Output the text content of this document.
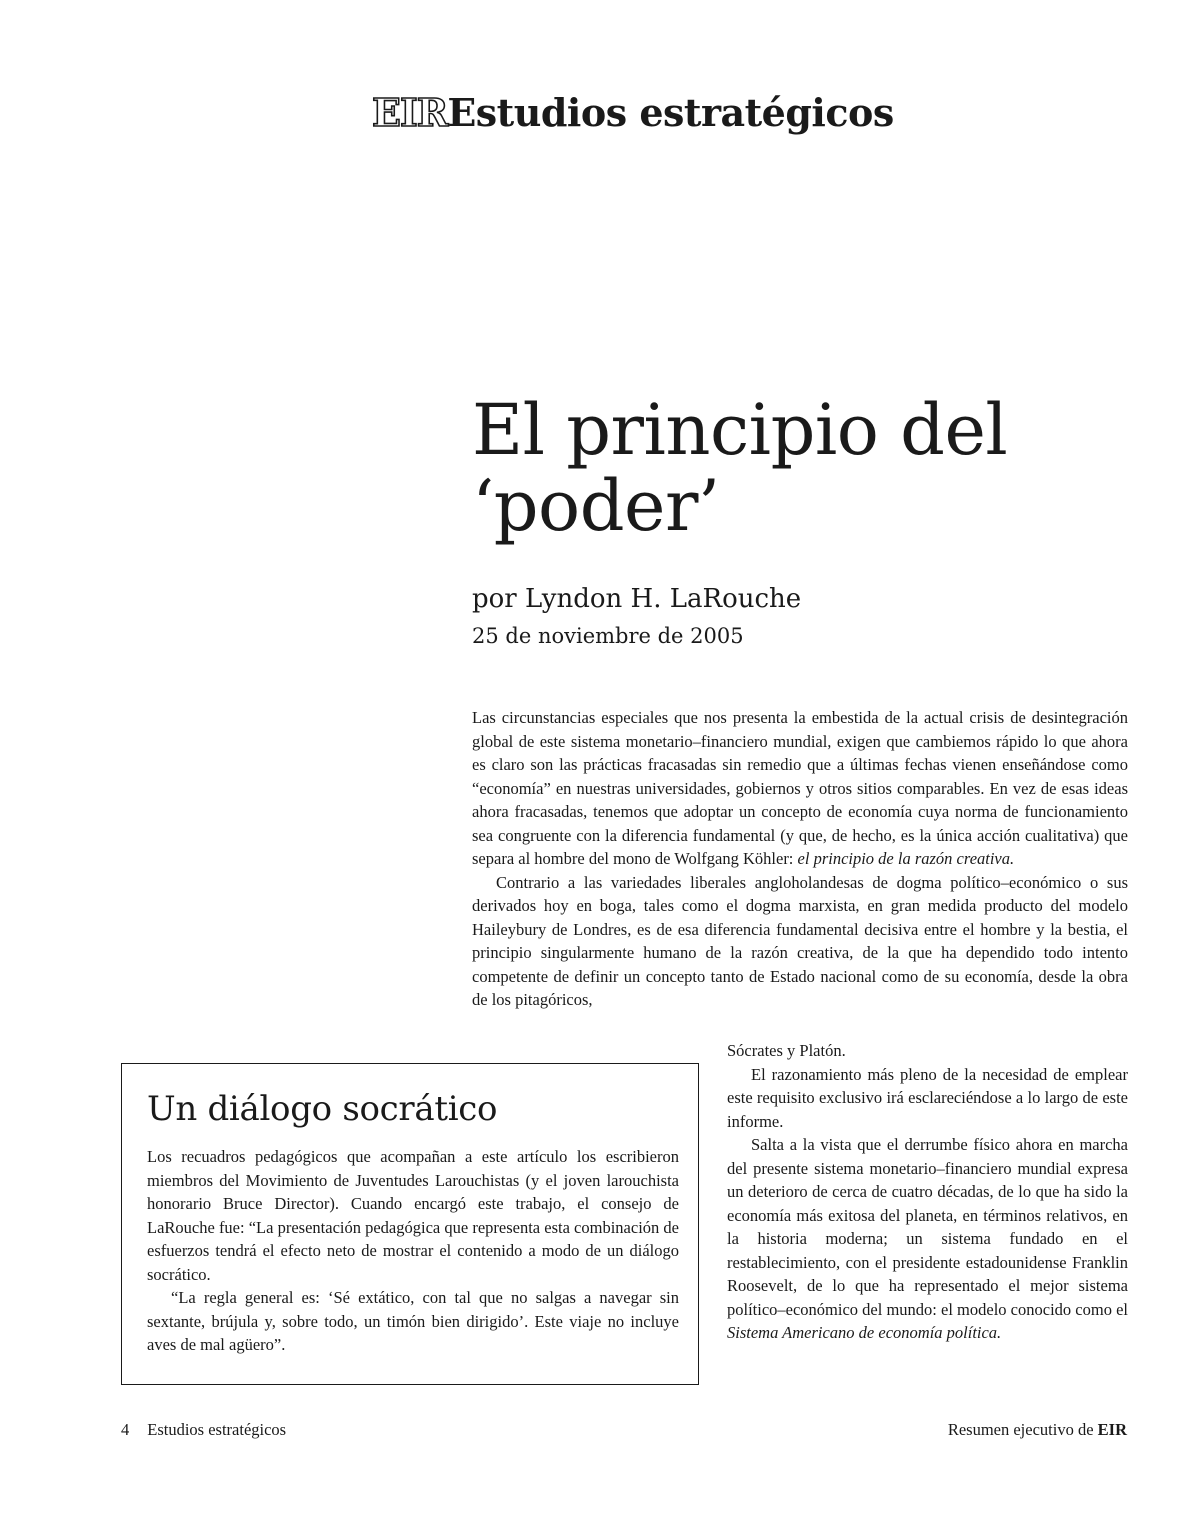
EIREstudios estratégicos
El principio del
‘poder’
por Lyndon H. LaRouche
25 de noviembre de 2005

Las circunstancias especiales que nos presenta la embestida de la actual crisis de desintegración global de este sistema monetario–financiero mundial, exigen que cambiemos rápido lo que ahora es claro son las prácticas fracasadas sin remedio que a últimas fechas vienen enseñándose como “economía” en nuestras universidades, gobiernos y otros sitios comparables. En vez de esas ideas ahora fracasadas, tenemos que adoptar un concepto de economía cuya norma de funcionamiento sea congruente con la diferencia fundamental (y que, de hecho, es la única acción cualitativa) que separa al hombre del mono de Wolfgang Köhler: el principio de la razón creativa.

Contrario a las variedades liberales angloholandesas de dogma político–económico o sus derivados hoy en boga, tales como el dogma marxista, en gran medida producto del modelo Haileybury de Londres, es de esa diferencia fundamental decisiva entre el hombre y la bestia, el principio singularmente humano de la razón creativa, de la que ha dependido todo intento competente de definir un concepto tanto de Estado nacional como de su economía, desde la obra de los pitagóricos,

Sócrates y Platón.

El razonamiento más pleno de la necesidad de emplear este requisito exclusivo irá esclareciéndose a lo largo de este informe.

Salta a la vista que el derrumbe físico ahora en marcha del presente sistema monetario–financiero mundial expresa un deterioro de cerca de cuatro décadas, de lo que ha sido la economía más exitosa del planeta, en términos relativos, en la historia moderna; un sistema fundado en el restablecimiento, con el presidente estadounidense Franklin Roosevelt, de lo que ha representado el mejor sistema político–económico del mundo: el modelo conocido como el Sistema Americano de economía política.

Un diálogo socrático

Los recuadros pedagógicos que acompañan a este artículo los escribieron miembros del Movimiento de Juventudes Larouchistas (y el joven larouchista honorario Bruce Director). Cuando encargó este trabajo, el consejo de LaRouche fue: “La presentación pedagógica que representa esta combinación de esfuerzos tendrá el efecto neto de mostrar el contenido a modo de un diálogo socrático.

“La regla general es: ‘Sé extático, con tal que no salgas a navegar sin sextante, brújula y, sobre todo, un timón bien dirigido’. Este viaje no incluye aves de mal agüero”.

4 Estudios estratégicos	Resumen ejecutivo de EIR
